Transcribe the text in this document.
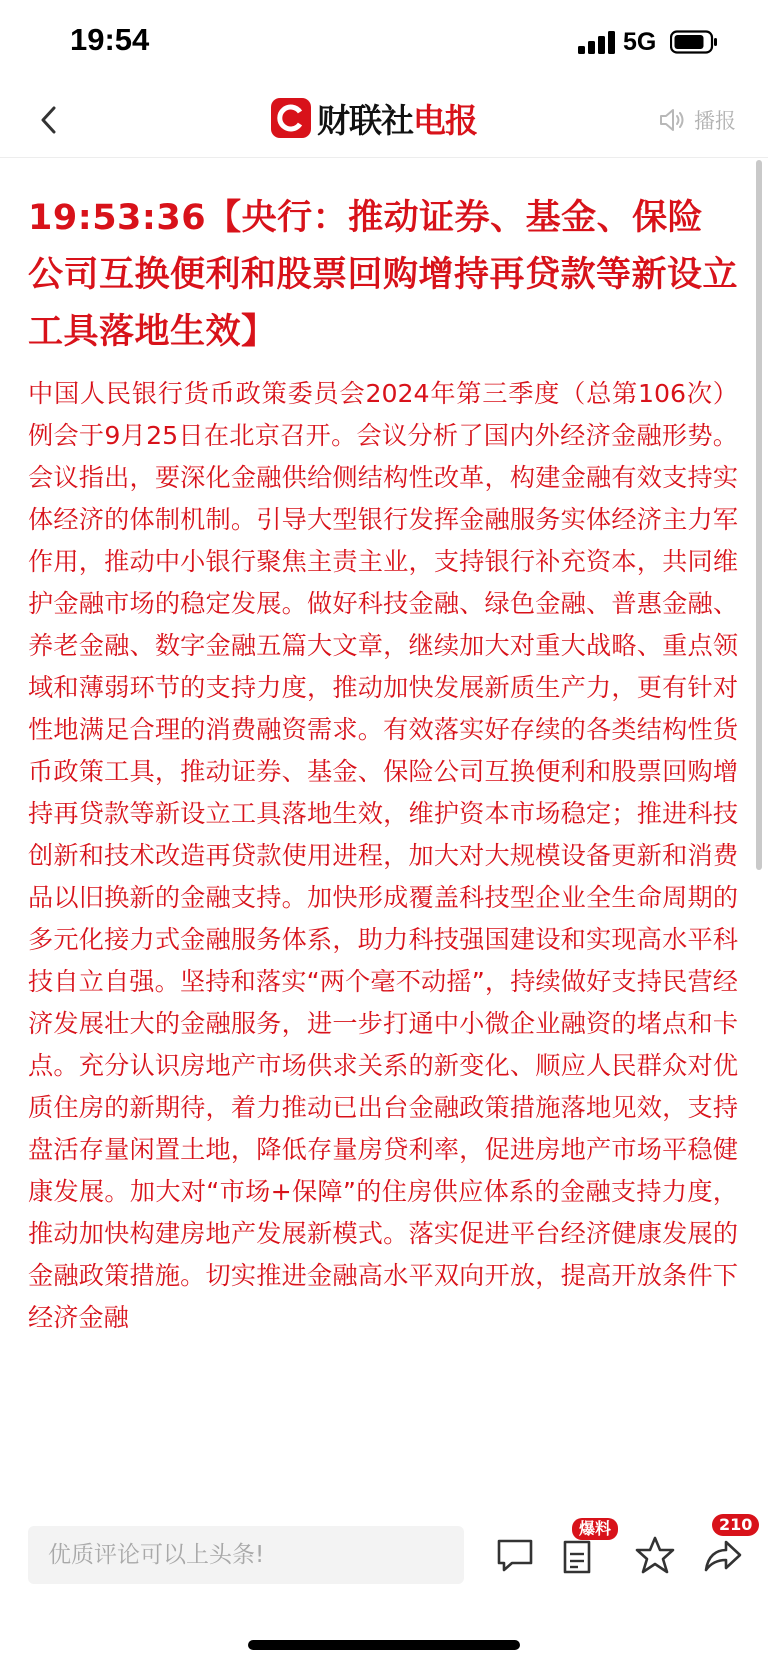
19:54	5G
财联社 电报	播报
19:53:36【央行：推动证券、基金、保险公司互换便利和股票回购增持再贷款等新设立工具落地生效】

中国人民银行货币政策委员会2024年第三季度（总第106次）例会于9月25日在北京召开。会议分析了国内外经济金融形势。会议指出，要深化金融供给侧结构性改革，构建金融有效支持实体经济的体制机制。引导大型银行发挥金融服务实体经济主力军作用，推动中小银行聚焦主责主业，支持银行补充资本，共同维护金融市场的稳定发展。做好科技金融、绿色金融、普惠金融、养老金融、数字金融五篇大文章，继续加大对重大战略、重点领域和薄弱环节的支持力度，推动加快发展新质生产力，更有针对性地满足合理的消费融资需求。有效落实好存续的各类结构性货币政策工具，推动证券、基金、保险公司互换便利和股票回购增持再贷款等新设立工具落地生效，维护资本市场稳定；推进科技创新和技术改造再贷款使用进程，加大对大规模设备更新和消费品以旧换新的金融支持。加快形成覆盖科技型企业全生命周期的多元化接力式金融服务体系，助力科技强国建设和实现高水平科技自立自强。坚持和落实“两个毫不动摇”，持续做好支持民营经济发展壮大的金融服务，进一步打通中小微企业融资的堵点和卡点。充分认识房地产市场供求关系的新变化、顺应人民群众对优质住房的新期待，着力推动已出台金融政策措施落地见效，支持盘活存量闲置土地，降低存量房贷利率，促进房地产市场平稳健康发展。加大对“市场+保障”的住房供应体系的金融支持力度，推动加快构建房地产发展新模式。落实促进平台经济健康发展的金融政策措施。切实推进金融高水平双向开放，提高开放条件下经济金融

优质评论可以上头条!
爆料	210
